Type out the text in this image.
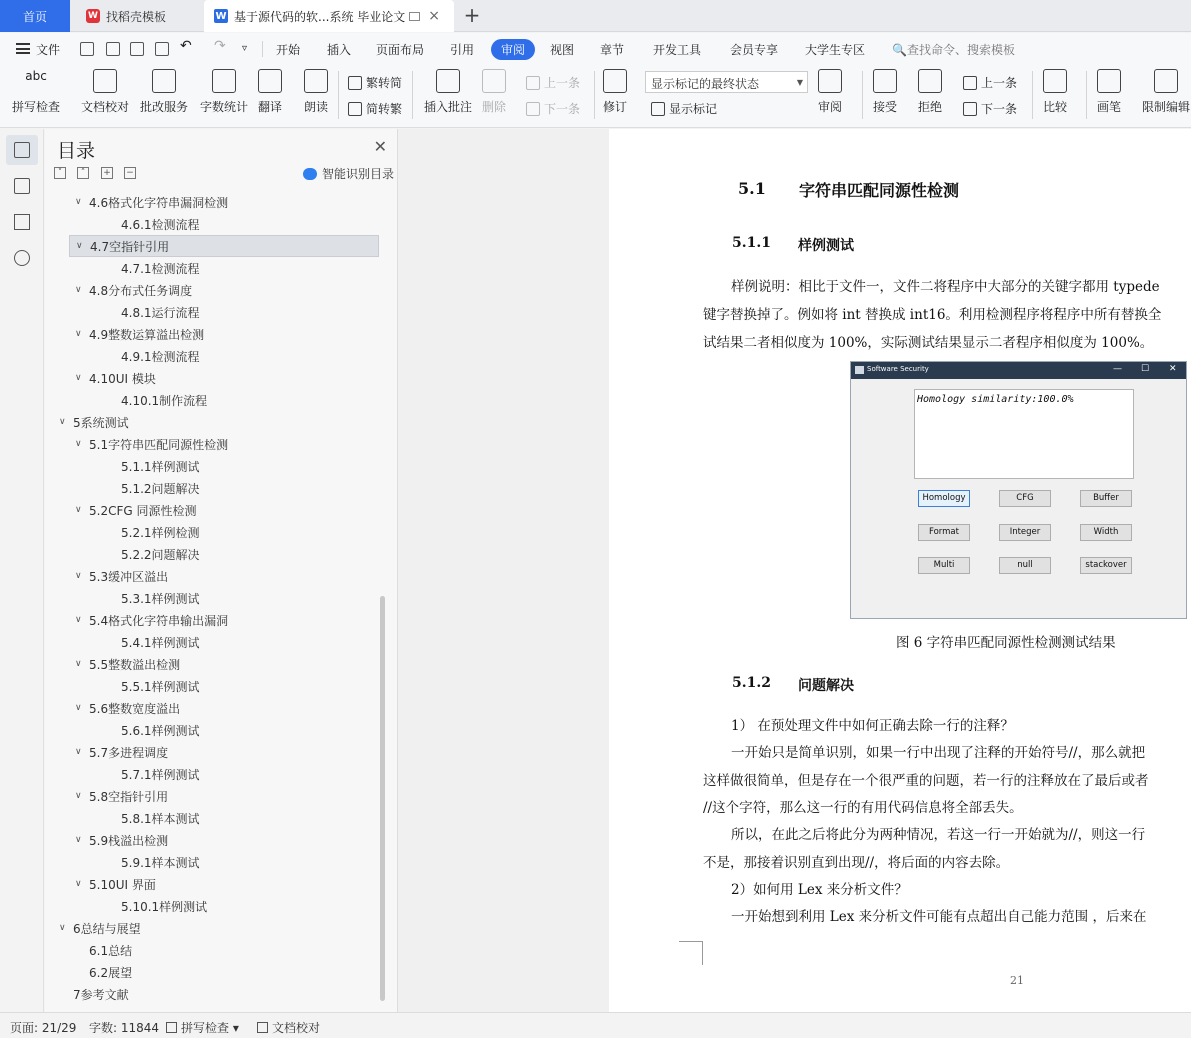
首页	W 找稻壳模板	W 基于源代码的软...系统 毕业论文 × +
文件	↶ ↷ ▿ 开始 插入 页面布局 引用	审阅	视图 章节 开发工具 会员专享 大学生专区 🔍查找命令、搜索模板
abc
拼写检查 文档校对 批改服务 字数统计 翻译 朗读
繁转简
简转繁 插入批注 删除
上一条
下一条 修订
显示标记的最终状态	▼
显示标记	审阅	接受 拒绝
上一条
下一条 比较 画笔 限制编辑
目录	✕
˅	˄	+ −	智能识别目录
∨ 4.6格式化字符串漏洞检测
4.6.1检测流程
∨ 4.7空指针引用
4.7.1检测流程
∨ 4.8分布式任务调度
4.8.1运行流程
∨ 4.9整数运算溢出检测
4.9.1检测流程
∨ 4.10UI 模块
4.10.1制作流程
∨ 5系统测试
∨ 5.1字符串匹配同源性检测
5.1.1样例测试
5.1.2问题解决
∨ 5.2CFG 同源性检测
5.2.1样例检测
5.2.2问题解决
∨ 5.3缓冲区溢出
5.3.1样例测试
∨ 5.4格式化字符串输出漏洞
5.4.1样例测试
∨ 5.5整数溢出检测
5.5.1样例测试
∨ 5.6整数宽度溢出
5.6.1样例测试
∨ 5.7多进程调度
5.7.1样例测试
∨ 5.8空指针引用
5.8.1样本测试
∨ 5.9栈溢出检测
5.9.1样本测试
∨ 5.10UI 界面
5.10.1样例测试
∨ 6总结与展望
6.1总结
6.2展望
7参考文献
5.1 字符串匹配同源性检测
5.1.1 样例测试
样例说明：相比于文件一，文件二将程序中大部分的关键字都用 typede
键字替换掉了。例如将 int 替换成 int16。利用检测程序将程序中所有替换全
试结果二者相似度为 100%，实际测试结果显示二者程序相似度为 100%。
Software Security	— ☐ ✕
Homology similarity:100.0%
Homology	CFG	Buffer
Format	Integer	Width
Multi	null	stackover
图 6 字符串匹配同源性检测测试结果
5.1.2 问题解决
1） 在预处理文件中如何正确去除一行的注释？
一开始只是简单识别，如果一行中出现了注释的开始符号//，那么就把
这样做很简单，但是存在一个很严重的问题，若一行的注释放在了最后或者
//这个字符，那么这一行的有用代码信息将全部丢失。
所以，在此之后将此分为两种情况，若这一行一开始就为//，则这一行
不是，那接着识别直到出现//，将后面的内容去除。
2）如何用 Lex 来分析文件？
一开始想到利用 Lex 来分析文件可能有点超出自己能力范围 ，后来在
21
页面: 21/29 字数: 11844	拼写检查 ▾	文档校对
